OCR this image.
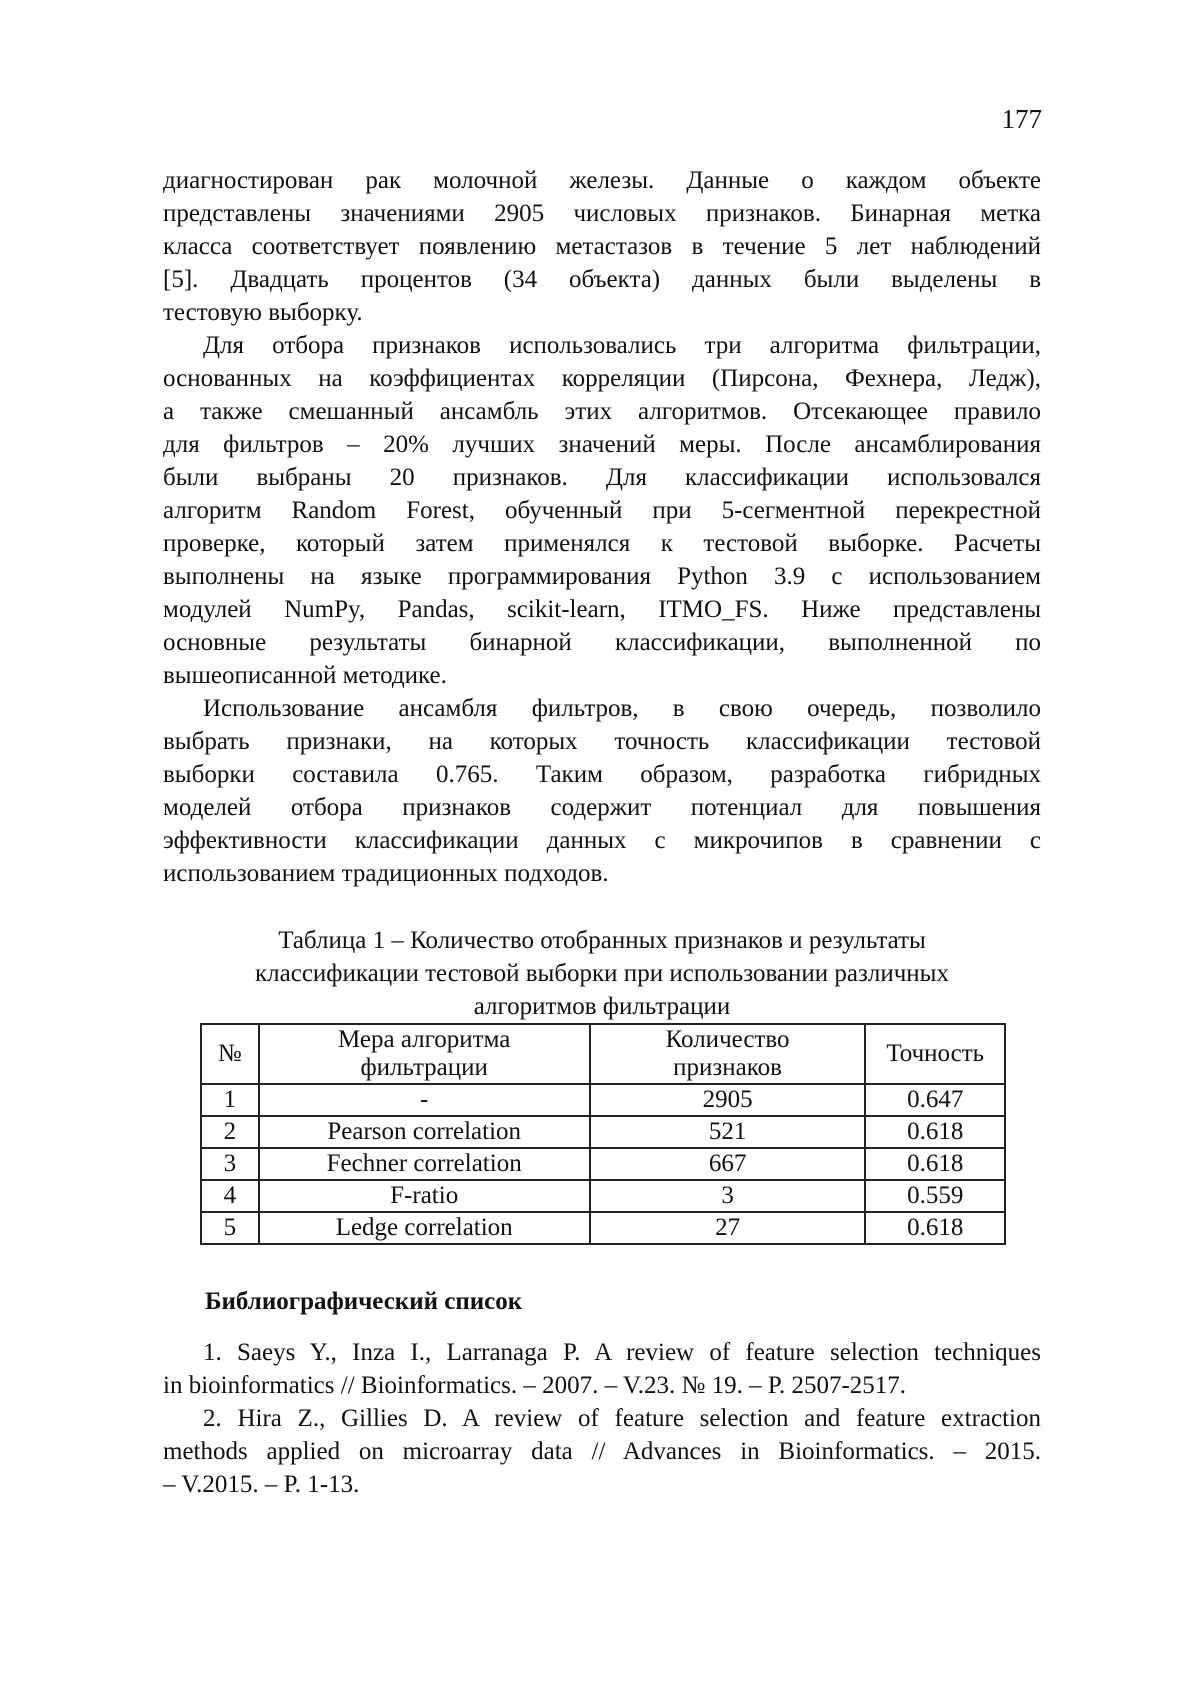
177
диагностирован рак молочной железы. Данные о каждом объекте
представлены значениями 2905 числовых признаков. Бинарная метка
класса соответствует появлению метастазов в течение 5 лет наблюдений
[5]. Двадцать процентов (34 объекта) данных были выделены в
тестовую выборку.
Для отбора признаков использовались три алгоритма фильтрации,
основанных на коэффициентах корреляции (Пирсона, Фехнера, Ледж),
а также смешанный ансамбль этих алгоритмов. Отсекающее правило
для фильтров – 20% лучших значений меры. После ансамблирования
были выбраны 20 признаков. Для классификации использовался
алгоритм Random Forest, обученный при 5-сегментной перекрестной
проверке, который затем применялся к тестовой выборке. Расчеты
выполнены на языке программирования Python 3.9 с использованием
модулей NumPy, Pandas, scikit-learn, ITMO_FS. Ниже представлены
основные результаты бинарной классификации, выполненной по
вышеописанной методике.
Использование ансамбля фильтров, в свою очередь, позволило
выбрать признаки, на которых точность классификации тестовой
выборки составила 0.765. Таким образом, разработка гибридных
моделей отбора признаков содержит потенциал для повышения
эффективности классификации данных с микрочипов в сравнении с
использованием традиционных подходов.
Таблица 1 – Количество отобранных признаков и результаты
классификации тестовой выборки при использовании различных
алгоритмов фильтрации
№	Мера алгоритма фильтрации	Количество признаков	Точность
1	-	2905	0.647
2	Pearson correlation	521	0.618
3	Fechner correlation	667	0.618
4	F-ratio	3	0.559
5	Ledge correlation	27	0.618
Библиографический список
1. Saeys Y., Inza I., Larranaga P. A review of feature selection techniques
in bioinformatics // Bioinformatics. – 2007. – V.23. № 19. – P. 2507-2517.
2. Hira Z., Gillies D. A review of feature selection and feature extraction
methods applied on microarray data // Advances in Bioinformatics. – 2015.
– V.2015. – P. 1-13.
